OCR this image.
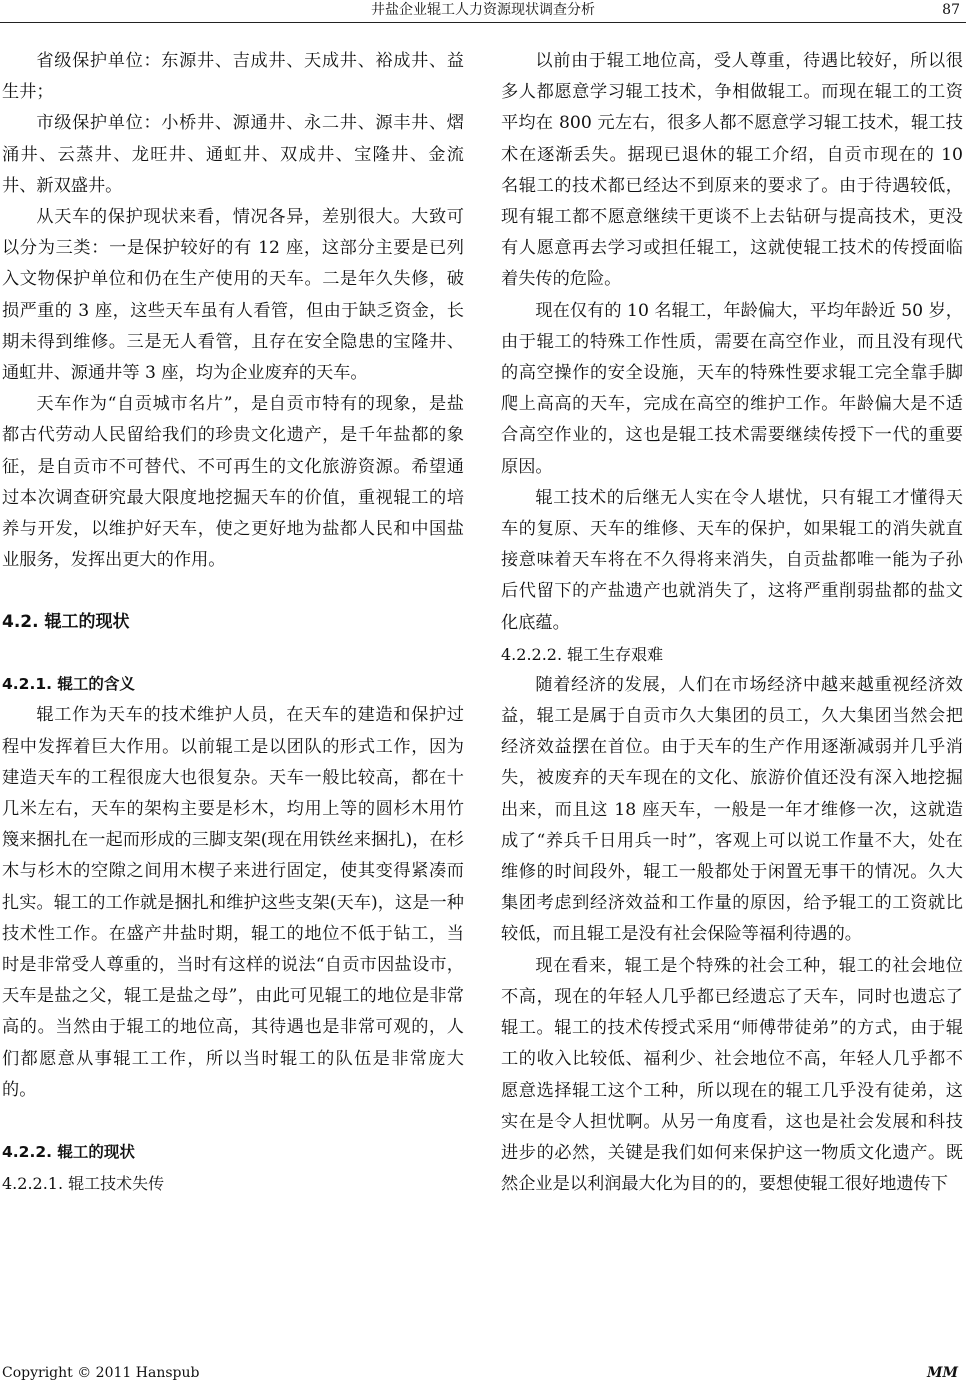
井盐企业辊工人力资源现状调查分析	87

省级保护单位：东源井、吉成井、天成井、裕成井、益生井；

市级保护单位：小桥井、源通井、永二井、源丰井、熠涌井、云蒸井、龙旺井、通虹井、双成井、宝隆井、金流井、新双盛井。

从天车的保护现状来看，情况各异，差别很大。大致可以分为三类：一是保护较好的有 12 座，这部分主要是已列入文物保护单位和仍在生产使用的天车。二是年久失修，破损严重的 3 座，这些天车虽有人看管，但由于缺乏资金，长期未得到维修。三是无人看管，且存在安全隐患的宝隆井、通虹井、源通井等 3 座，均为企业废弃的天车。

天车作为“自贡城市名片”，是自贡市特有的现象，是盐都古代劳动人民留给我们的珍贵文化遗产，是千年盐都的象征，是自贡市不可替代、不可再生的文化旅游资源。希望通过本次调查研究最大限度地挖掘天车的价值，重视辊工的培养与开发，以维护好天车，使之更好地为盐都人民和中国盐业服务，发挥出更大的作用。

4.2. 辊工的现状
4.2.1. 辊工的含义

辊工作为天车的技术维护人员，在天车的建造和保护过程中发挥着巨大作用。以前辊工是以团队的形式工作，因为建造天车的工程很庞大也很复杂。天车一般比较高，都在十几米左右，天车的架构主要是杉木，均用上等的圆杉木用竹篾来捆扎在一起而形成的三脚支架(现在用铁丝来捆扎)，在杉木与杉木的空隙之间用木楔子来进行固定，使其变得紧凑而扎实。辊工的工作就是捆扎和维护这些支架(天车)，这是一种技术性工作。在盛产井盐时期，辊工的地位不低于钻工，当时是非常受人尊重的，当时有这样的说法“自贡市因盐设市，天车是盐之父，辊工是盐之母”，由此可见辊工的地位是非常高的。当然由于辊工的地位高，其待遇也是非常可观的，人们都愿意从事辊工工作，所以当时辊工的队伍是非常庞大的。

4.2.2. 辊工的现状
4.2.2.1. 辊工技术失传

以前由于辊工地位高，受人尊重，待遇比较好，所以很多人都愿意学习辊工技术，争相做辊工。而现在辊工的工资平均在 800 元左右，很多人都不愿意学习辊工技术，辊工技术在逐渐丢失。据现已退休的辊工介绍，自贡市现在的 10 名辊工的技术都已经达不到原来的要求了。由于待遇较低，现有辊工都不愿意继续干更谈不上去钻研与提高技术，更没有人愿意再去学习或担任辊工，这就使辊工技术的传授面临着失传的危险。

现在仅有的 10 名辊工，年龄偏大，平均年龄近 50 岁，由于辊工的特殊工作性质，需要在高空作业，而且没有现代的高空操作的安全设施，天车的特殊性要求辊工完全靠手脚爬上高高的天车，完成在高空的维护工作。年龄偏大是不适合高空作业的，这也是辊工技术需要继续传授下一代的重要原因。

辊工技术的后继无人实在令人堪忧，只有辊工才懂得天车的复原、天车的维修、天车的保护，如果辊工的消失就直接意味着天车将在不久得将来消失，自贡盐都唯一能为子孙后代留下的产盐遗产也就消失了，这将严重削弱盐都的盐文化底蕴。

4.2.2.2. 辊工生存艰难

随着经济的发展，人们在市场经济中越来越重视经济效益，辊工是属于自贡市久大集团的员工，久大集团当然会把经济效益摆在首位。由于天车的生产作用逐渐减弱并几乎消失，被废弃的天车现在的文化、旅游价值还没有深入地挖掘出来，而且这 18 座天车，一般是一年才维修一次，这就造成了“养兵千日用兵一时”，客观上可以说工作量不大，处在维修的时间段外，辊工一般都处于闲置无事干的情况。久大集团考虑到经济效益和工作量的原因，给予辊工的工资就比较低，而且辊工是没有社会保险等福利待遇的。

现在看来，辊工是个特殊的社会工种，辊工的社会地位不高，现在的年轻人几乎都已经遗忘了天车，同时也遗忘了辊工。辊工的技术传授式采用“师傅带徒弟”的方式，由于辊工的收入比较低、福利少、社会地位不高，年轻人几乎都不愿意选择辊工这个工种，所以现在的辊工几乎没有徒弟，这实在是令人担忧啊。从另一角度看，这也是社会发展和科技进步的必然，关键是我们如何来保护这一物质文化遗产。既然企业是以利润最大化为目的的，要想使辊工很好地遗传下

Copyright © 2011 Hanspub	MM
